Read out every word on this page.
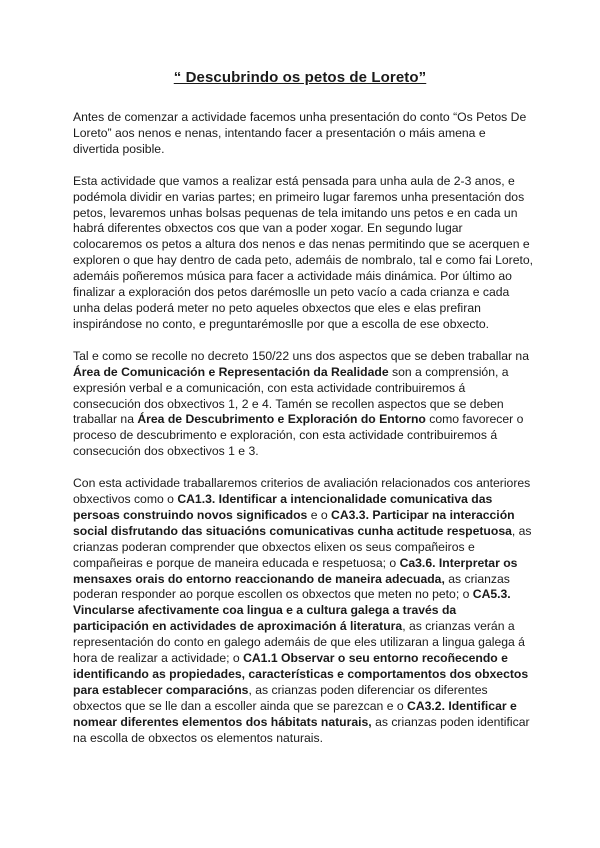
“ Descubrindo os petos de Loreto”

Antes de comenzar a actividade facemos unha presentación do conto “Os Petos De Loreto” aos nenos e nenas, intentando facer a presentación o máis amena e divertida posible.

Esta actividade que vamos a realizar está pensada para unha aula de 2-3 anos, e podémola dividir en varias partes; en primeiro lugar faremos unha presentación dos petos, levaremos unhas bolsas pequenas de tela imitando uns petos e en cada un habrá diferentes obxectos cos que van a poder xogar. En segundo lugar colocaremos os petos a altura dos nenos e das nenas permitindo que se acerquen e exploren o que hay dentro de cada peto, ademáis de nombralo, tal e como fai Loreto, ademáis poñeremos música para facer a actividade máis dinámica. Por último ao finalizar a exploración dos petos darémoslle un peto vacío a cada crianza e cada unha delas poderá meter no peto aqueles obxectos que eles e elas prefiran inspirándose no conto, e preguntarémoslle por que a escolla de ese obxecto.

Tal e como se recolle no decreto 150/22 uns dos aspectos que se deben traballar na Área de Comunicación e Representación da Realidade son a comprensión, a expresión verbal e a comunicación, con esta actividade contribuiremos á consecución dos obxectivos 1, 2 e 4. Tamén se recollen aspectos que se deben traballar na Área de Descubrimento e Exploración do Entorno como favorecer o proceso de descubrimento e exploración, con esta actividade contribuiremos á consecución dos obxectivos 1 e 3.

Con esta actividade traballaremos criterios de avaliación relacionados cos anteriores obxectivos como o CA1.3. Identificar a intencionalidade comunicativa das persoas construindo novos significados e o CA3.3. Participar na interacción social disfrutando das situacións comunicativas cunha actitude respetuosa, as crianzas poderan comprender que obxectos elixen os seus compañeiros e compañeiras e porque de maneira educada e respetuosa; o Ca3.6. Interpretar os mensaxes orais do entorno reaccionando de maneira adecuada, as crianzas poderan responder ao porque escollen os obxectos que meten no peto; o CA5.3. Vincularse afectivamente coa lingua e a cultura galega a través da participación en actividades de aproximación á literatura, as crianzas verán a representación do conto en galego ademáis de que eles utilizaran a lingua galega á hora de realizar a actividade; o CA1.1 Observar o seu entorno recoñecendo e identificando as propiedades, características e comportamentos dos obxectos para establecer comparacións, as crianzas poden diferenciar os diferentes obxectos que se lle dan a escoller ainda que se parezcan e o CA3.2. Identificar e nomear diferentes elementos dos hábitats naturais, as crianzas poden identificar na escolla de obxectos os elementos naturais.
